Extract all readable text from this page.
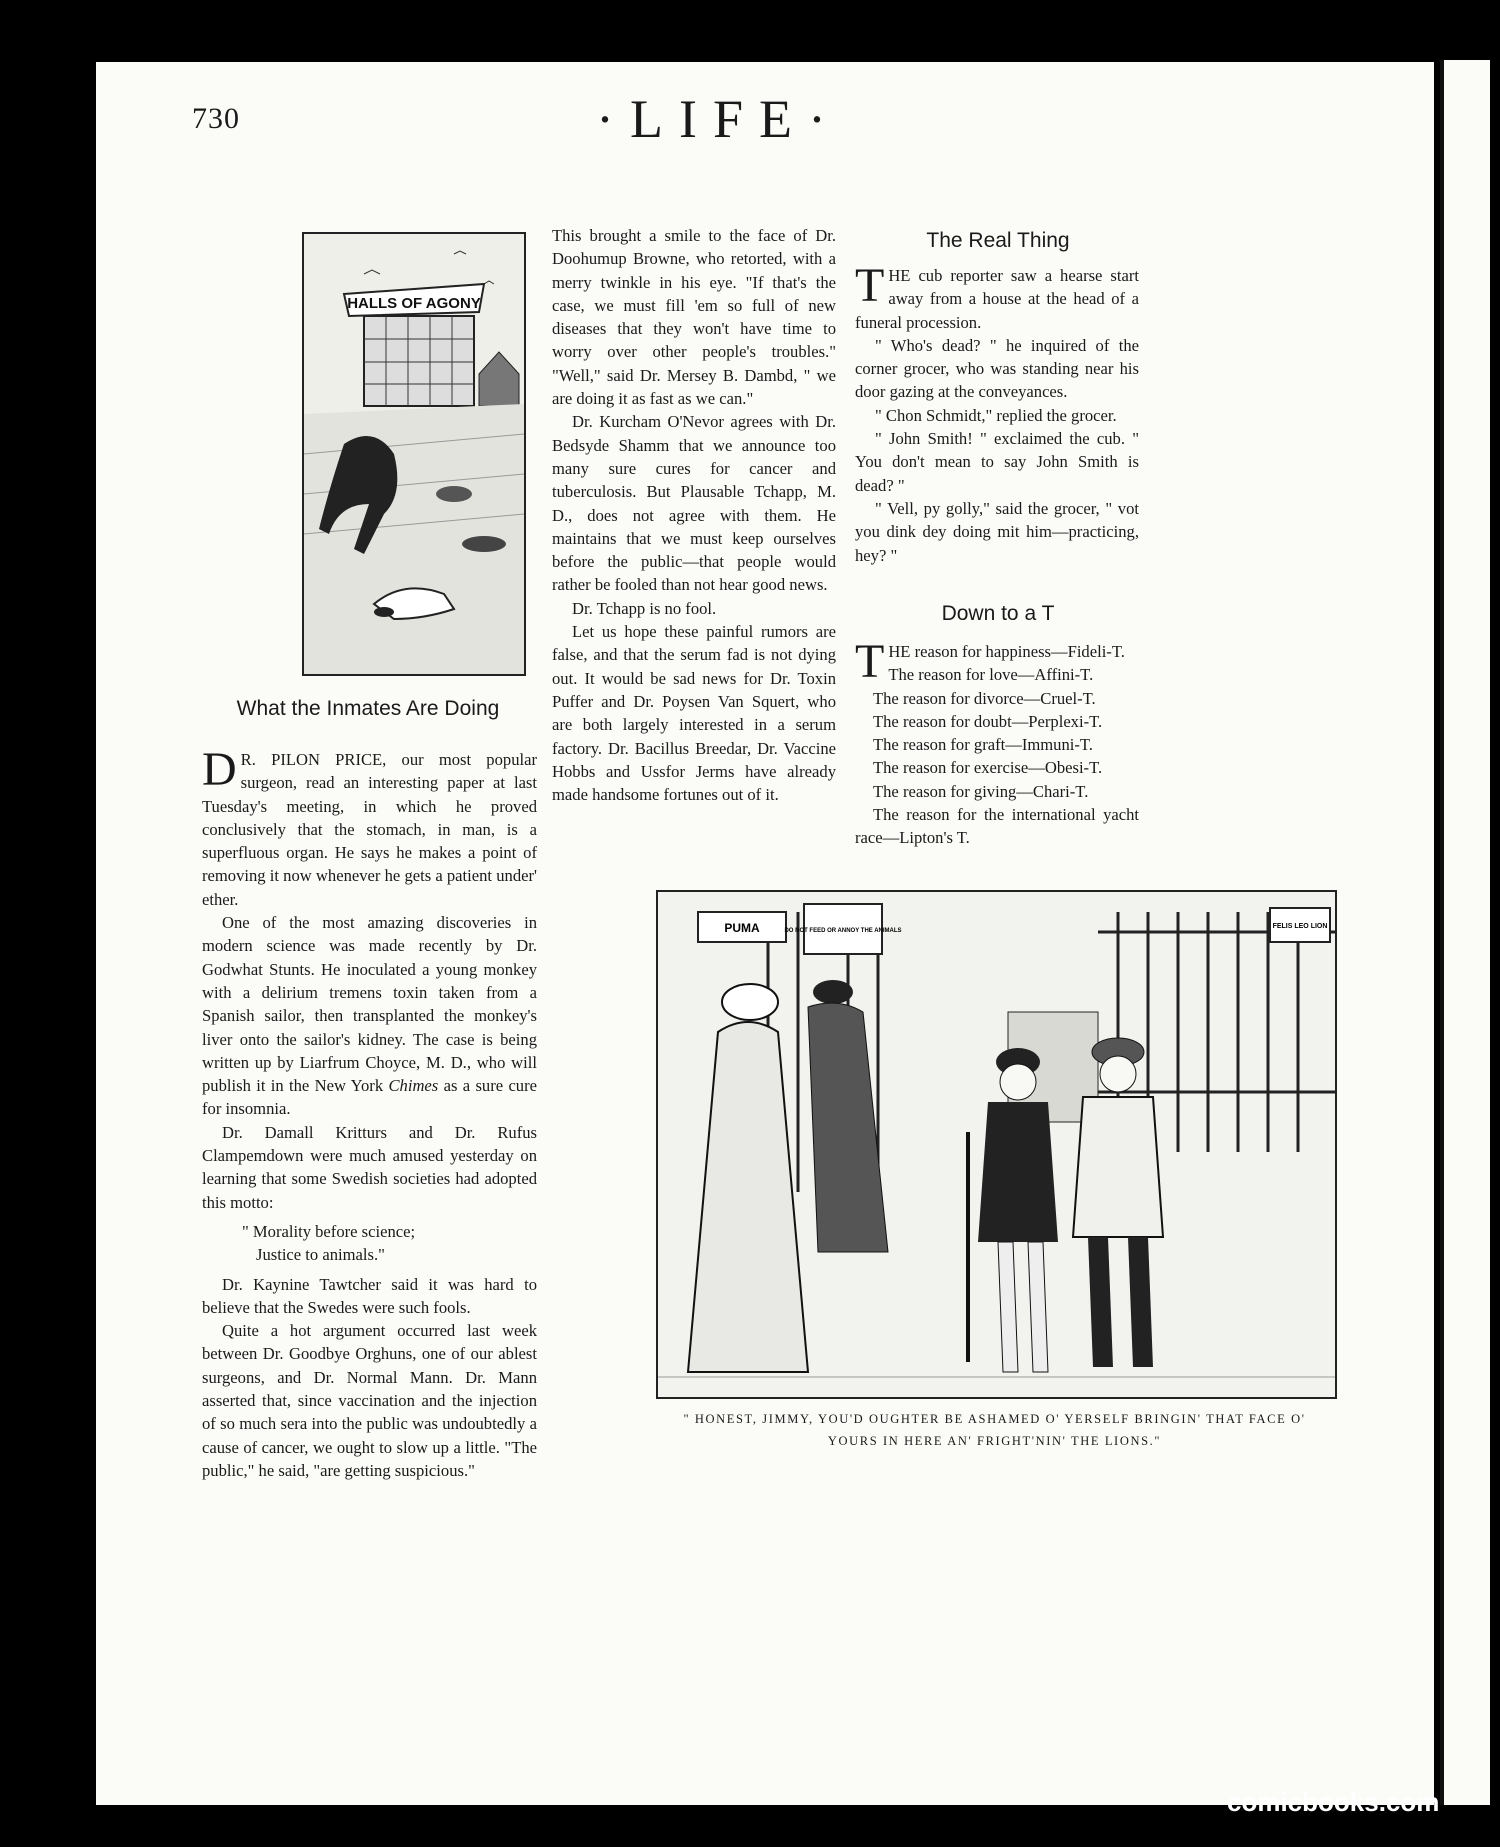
730	·LIFE·
HALLS OF AGONY
What the Inmates Are Doing

D R. PILON PRICE, our most popular surgeon, read an interesting paper at last Tuesday's meeting, in which he proved conclusively that the stomach, in man, is a superfluous organ. He says he makes a point of removing it now whenever he gets a patient under' ether.

One of the most amazing discoveries in modern science was made recently by Dr. Godwhat Stunts. He inoculated a young monkey with a delirium tremens toxin taken from a Spanish sailor, then transplanted the monkey's liver onto the sailor's kidney. The case is being written up by Liarfrum Choyce, M. D., who will publish it in the New York Chimes as a sure cure for insomnia.

Dr. Damall Kritturs and Dr. Rufus Clampemdown were much amused yesterday on learning that some Swedish societies had adopted this motto:

" Morality before science;

Justice to animals."

Dr. Kaynine Tawtcher said it was hard to believe that the Swedes were such fools.

Quite a hot argument occurred last week between Dr. Goodbye Orghuns, one of our ablest surgeons, and Dr. Normal Mann. Dr. Mann asserted that, since vaccination and the injection of so much sera into the public was undoubtedly a cause of cancer, we ought to slow up a little. "The public," he said, "are getting suspicious."

This brought a smile to the face of Dr. Doohumup Browne, who retorted, with a merry twinkle in his eye. "If that's the case, we must fill 'em so full of new diseases that they won't have time to worry over other people's troubles." "Well," said Dr. Mersey B. Dambd, " we are doing it as fast as we can."

Dr. Kurcham O'Nevor agrees with Dr. Bedsyde Shamm that we announce too many sure cures for cancer and tuberculosis. But Plausable Tchapp, M. D., does not agree with them. He maintains that we must keep ourselves before the public—that people would rather be fooled than not hear good news.

Dr. Tchapp is no fool.

Let us hope these painful rumors are false, and that the serum fad is not dying out. It would be sad news for Dr. Toxin Puffer and Dr. Poysen Van Squert, who are both largely interested in a serum factory. Dr. Bacillus Breedar, Dr. Vaccine Hobbs and Ussfor Jerms have already made handsome fortunes out of it.

The Real Thing

THE cub reporter saw a hearse start away from a house at the head of a funeral procession.

" Who's dead? " he inquired of the corner grocer, who was standing near his door gazing at the conveyances.

" Chon Schmidt," replied the grocer.

" John Smith! " exclaimed the cub. " You don't mean to say John Smith is dead? "

" Vell, py golly," said the grocer, " vot you dink dey doing mit him—practicing, hey? "

Down to a T

THE reason for happiness—Fideli-T.

The reason for love—Affini-T.

The reason for divorce—Cruel-T.

The reason for doubt—Perplexi-T.

The reason for graft—Immuni-T.

The reason for exercise—Obesi-T.

The reason for giving—Chari-T.

The reason for the international yacht race—Lipton's T.

PUMA	DO NOT FEED OR ANNOY THE ANIMALS
FELIS LEO LION
" HONEST, JIMMY, YOU'D OUGHTER BE ASHAMED O' YERSELF BRINGIN' THAT FACE O' YOURS IN HERE AN' FRIGHT'NIN' THE LIONS."
comicbooks.com
